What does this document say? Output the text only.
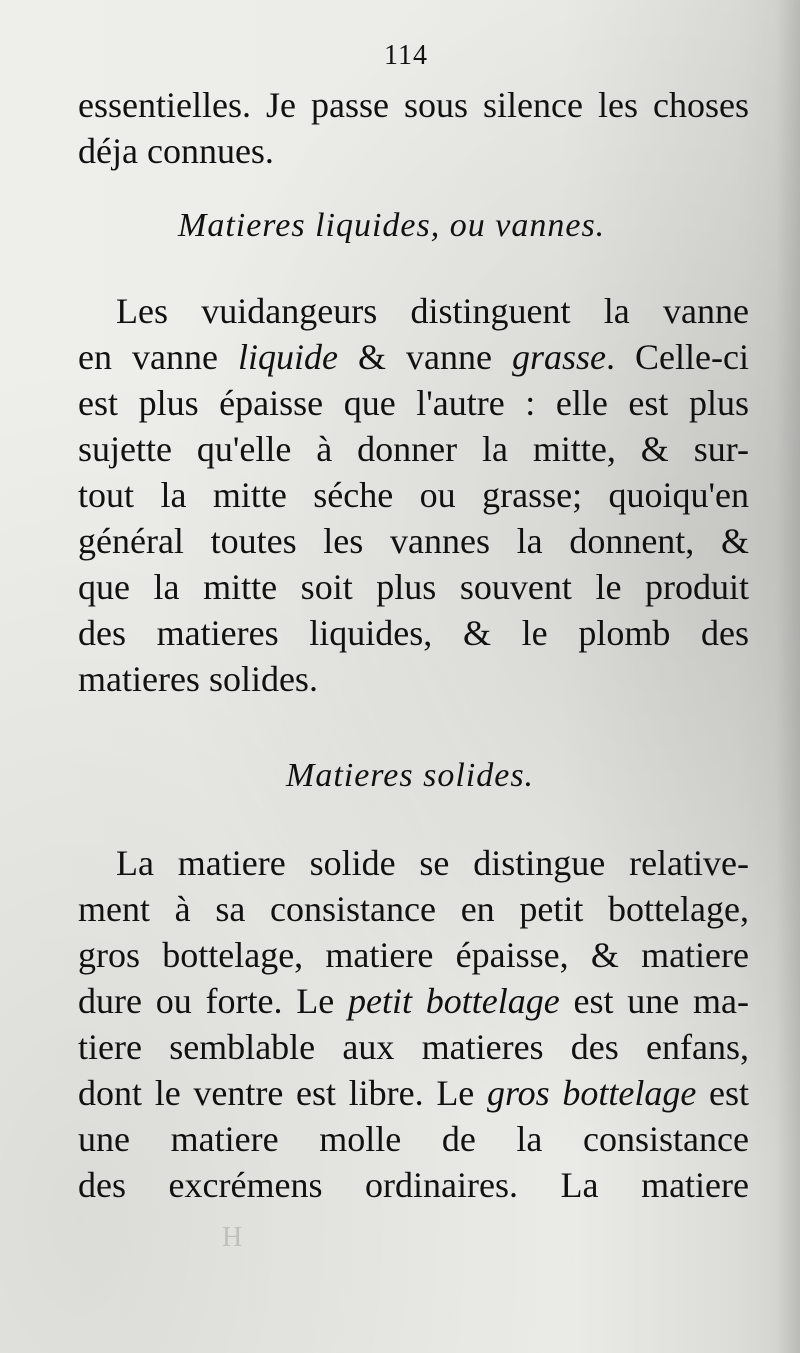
114
essentielles. Je passe sous silence les choses
déja connues.
Matieres liquides, ou vannes.
Les vuidangeurs distinguent la vanne
en vanne liquide & vanne grasse. Celle-ci
est plus épaisse que l'autre : elle est plus
sujette qu'elle à donner la mitte, & sur-
tout la mitte séche ou grasse; quoiqu'en
général toutes les vannes la donnent, &
que la mitte soit plus souvent le produit
des matieres liquides, & le plomb des
matieres solides.
Matieres solides.
La matiere solide se distingue relative-
ment à sa consistance en petit bottelage,
gros bottelage, matiere épaisse, & matiere
dure ou forte. Le petit bottelage est une ma-
tiere semblable aux matieres des enfans,
dont le ventre est libre. Le gros bottelage est
une matiere molle de la consistance
des excrémens ordinaires. La matiere
H
